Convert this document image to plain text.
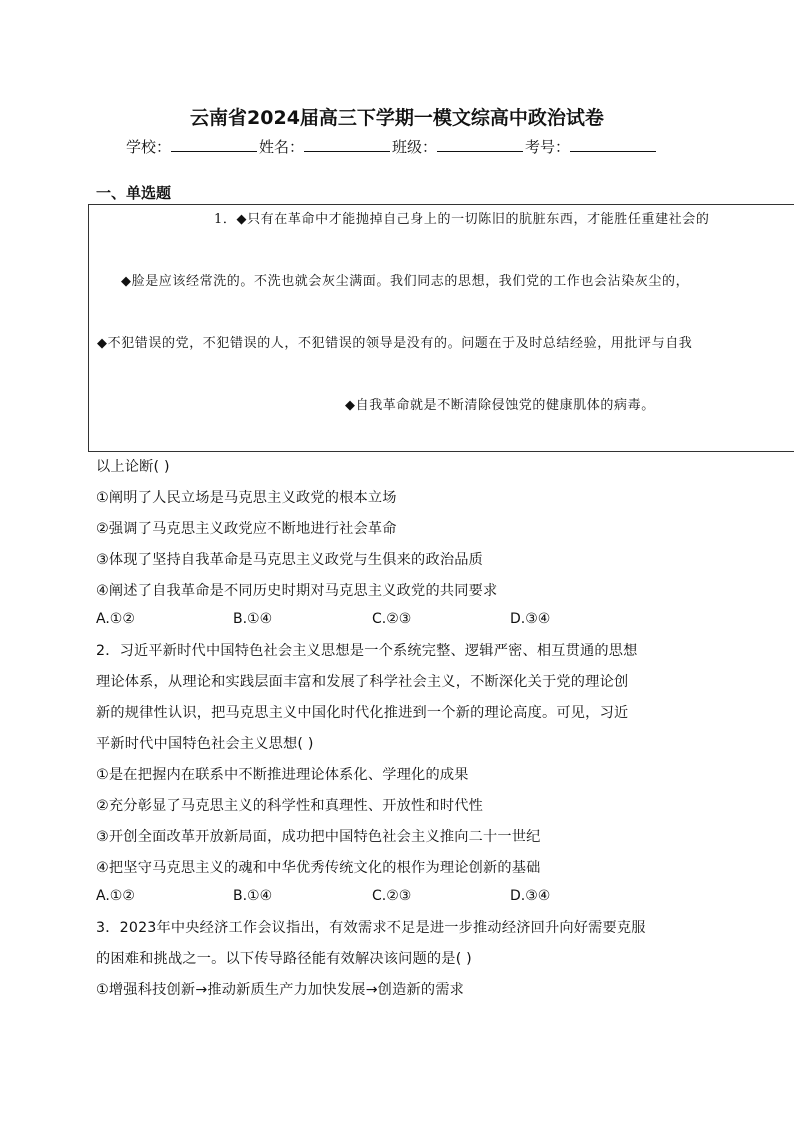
云南省2024届高三下学期一模文综高中政治试卷
学校：	姓名：	班级：	考号：
一、单选题
1．◆只有在革命中才能抛掉自己身上的一切陈旧的肮脏东西，才能胜任重建社会的
◆脸是应该经常洗的。不洗也就会灰尘满面。我们同志的思想，我们党的工作也会沾染灰尘的，
◆不犯错误的党，不犯错误的人，不犯错误的领导是没有的。问题在于及时总结经验，用批评与自我
◆自我革命就是不断清除侵蚀党的健康肌体的病毒。
以上论断( )
①阐明了人民立场是马克思主义政党的根本立场
②强调了马克思主义政党应不断地进行社会革命
③体现了坚持自我革命是马克思主义政党与生俱来的政治品质
④阐述了自我革命是不同历史时期对马克思主义政党的共同要求
A.①②	B.①④	C.②③	D.③④
2．习近平新时代中国特色社会主义思想是一个系统完整、逻辑严密、相互贯通的思想
理论体系，从理论和实践层面丰富和发展了科学社会主义，不断深化关于党的理论创
新的规律性认识，把马克思主义中国化时代化推进到一个新的理论高度。可见，习近
平新时代中国特色社会主义思想( )
①是在把握内在联系中不断推进理论体系化、学理化的成果
②充分彰显了马克思主义的科学性和真理性、开放性和时代性
③开创全面改革开放新局面，成功把中国特色社会主义推向二十一世纪
④把坚守马克思主义的魂和中华优秀传统文化的根作为理论创新的基础
A.①②	B.①④	C.②③	D.③④
3．2023年中央经济工作会议指出，有效需求不足是进一步推动经济回升向好需要克服
的困难和挑战之一。以下传导路径能有效解决该问题的是( )
①增强科技创新→推动新质生产力加快发展→创造新的需求
